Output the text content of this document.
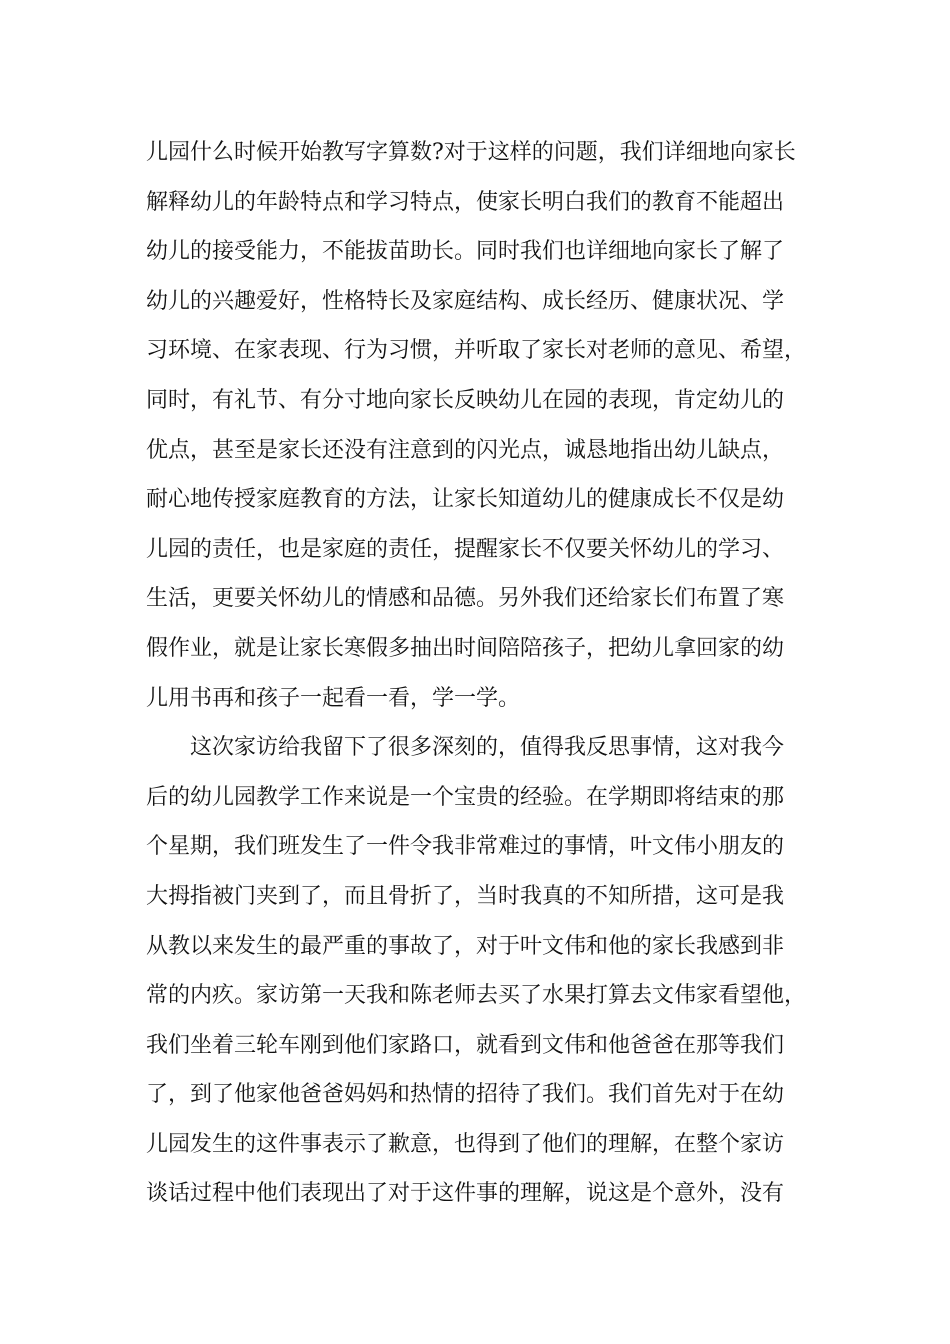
儿园什么时候开始教写字算数?对于这样的问题，我们详细地向家长
解释幼儿的年龄特点和学习特点，使家长明白我们的教育不能超出
幼儿的接受能力，不能拔苗助长。同时我们也详细地向家长了解了
幼儿的兴趣爱好，性格特长及家庭结构、成长经历、健康状况、学
习环境、在家表现、行为习惯，并听取了家长对老师的意见、希望，
同时，有礼节、有分寸地向家长反映幼儿在园的表现，肯定幼儿的
优点，甚至是家长还没有注意到的闪光点，诚恳地指出幼儿缺点，
耐心地传授家庭教育的方法，让家长知道幼儿的健康成长不仅是幼
儿园的责任，也是家庭的责任，提醒家长不仅要关怀幼儿的学习、
生活，更要关怀幼儿的情感和品德。另外我们还给家长们布置了寒
假作业，就是让家长寒假多抽出时间陪陪孩子，把幼儿拿回家的幼
儿用书再和孩子一起看一看，学一学。
这次家访给我留下了很多深刻的，值得我反思事情，这对我今
后的幼儿园教学工作来说是一个宝贵的经验。在学期即将结束的那
个星期，我们班发生了一件令我非常难过的事情，叶文伟小朋友的
大拇指被门夹到了，而且骨折了，当时我真的不知所措，这可是我
从教以来发生的最严重的事故了，对于叶文伟和他的家长我感到非
常的内疚。家访第一天我和陈老师去买了水果打算去文伟家看望他，
我们坐着三轮车刚到他们家路口，就看到文伟和他爸爸在那等我们
了，到了他家他爸爸妈妈和热情的招待了我们。我们首先对于在幼
儿园发生的这件事表示了歉意，也得到了他们的理解，在整个家访
谈话过程中他们表现出了对于这件事的理解，说这是个意外，没有
